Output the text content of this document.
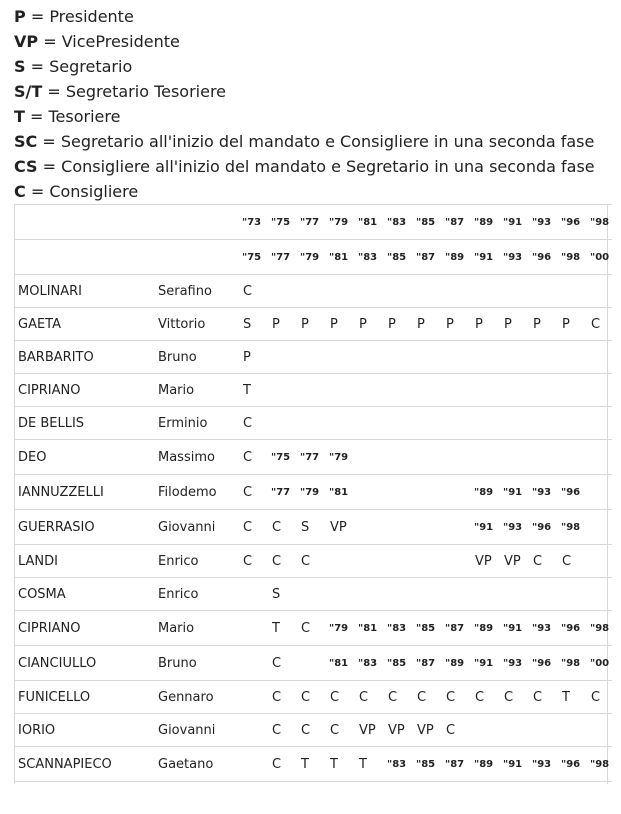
P = Presidente
VP = VicePresidente
S = Segretario
S/T = Segretario Tesoriere
T = Tesoriere
SC = Segretario all'inizio del mandato e Consigliere in una seconda fase
CS = Consigliere all'inizio del mandato e Segretario in una seconda fase
C = Consigliere
		"73	"75	"77	"79	"81	"83	"85	"87	"89	"91	"93	"96	"98
		"75	"77	"79	"81	"83	"85	"87	"89	"91	"93	"96	"98	"00
MOLINARI	Serafino	C												
GAETA	Vittorio	S	P	P	P	P	P	P	P	P	P	P	P	C
BARBARITO	Bruno	P												
CIPRIANO	Mario	T												
DE BELLIS	Erminio	C												
DEO	Massimo	C	"75	"77	"79									
IANNUZZELLI	Filodemo	C	"77	"79	"81					"89	"91	"93	"96	
GUERRASIO	Giovanni	C	C	S	VP					"91	"93	"96	"98	
LANDI	Enrico	C	C	C						VP	VP	C	C	
COSMA	Enrico		S											
CIPRIANO	Mario		T	C	"79	"81	"83	"85	"87	"89	"91	"93	"96	"98
CIANCIULLO	Bruno		C		"81	"83	"85	"87	"89	"91	"93	"96	"98	"00
FUNICELLO	Gennaro		C	C	C	C	C	C	C	C	C	C	T	C
IORIO	Giovanni		C	C	C	VP	VP	VP	C					
SCANNAPIECO	Gaetano		C	T	T	T	"83	"85	"87	"89	"91	"93	"96	"98
